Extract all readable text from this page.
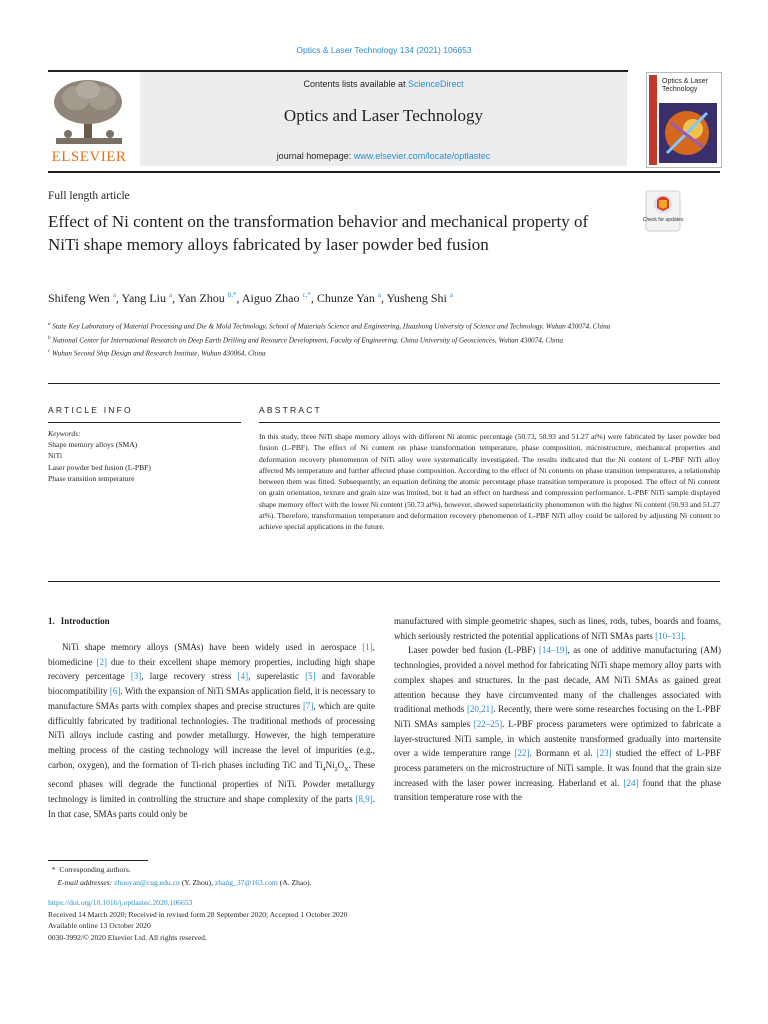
Optics & Laser Technology 134 (2021) 106653
ELSEVIER
Contents lists available at ScienceDirect
Optics and Laser Technology
journal homepage: www.elsevier.com/locate/optlastec
Optics & Laser Technology
Full length article
Effect of Ni content on the transformation behavior and mechanical property of NiTi shape memory alloys fabricated by laser powder bed fusion
Check for updates
Shifeng Wen $^a$, Yang Liu $^a$, Yan Zhou $^{b,*}$, Aiguo Zhao $^{c,*}$, Chunze Yan $^a$, Yusheng Shi $^a$

$^a$ State Key Laboratory of Material Processing and Die & Mold Technology, School of Materials Science and Engineering, Huazhong University of Science and Technology, Wuhan 430074, China

$^b$ National Center for International Research on Deep Earth Drilling and Resource Development, Faculty of Engineering, China University of Geosciences, Wuhan 430074, China

$^c$ Wuhan Second Ship Design and Research Institute, Wuhan 430064, China

ARTICLE INFO	ABSTRACT
Keywords:
Shape memory alloys (SMA)
NiTi
Laser powder bed fusion (L-PBF)
Phase transition temperature
In this study, three NiTi shape memory alloys with different Ni atomic percentage (50.73, 50.93 and 51.27 at%) were fabricated by laser powder bed fusion (L-PBF). The effect of Ni content on phase transformation temperature, phase composition, microstructure, mechanical properties and deformation recovery phenomenon of NiTi alloy were systematically investigated. The results indicated that the Ni content of L-PBF NiTi alloy affected Ms temperature and further affected phase composition. According to the effect of Ni contents on phase transition temperatures, a relationship between them was fitted. Subsequently, an equation defining the atomic percentage phase transition temperature is proposed. The effect of Ni content on grain orientation, texture and grain size was limited, but it had an effect on hardness and compression performance. L-PBF NiTi sample displayed shape memory effect with the lower Ni content (50.73 at%), however, showed superelasticity phenomenon with the higher Ni content (50.93 and 51.27 at%). Therefore, transformation temperature and deformation recovery phenomenon of L-PBF NiTi alloy could be tailored by adjusting Ni content to achieve special applications in the future.
1. Introduction

NiTi shape memory alloys (SMAs) have been widely used in aerospace [1], biomedicine [2] due to their excellent shape memory properties, including high shape recovery percentage [3], large recovery stress [4], superelastic [5] and favorable biocompatibility [6]. With the expansion of NiTi SMAs application field, it is necessary to manufacture SMAs parts with complex shapes and precise structures [7], which are quite difficultly fabricated by traditional technologies. The traditional methods of processing NiTi alloys include casting and powder metallurgy. However, the high temperature melting process of the casting technology will increase the level of impurities (e.g., carbon, oxygen), and the formation of Ti-rich phases including TiC and $Ti_4Ni_2O_X$. These second phases will degrade the functional properties of NiTi. Powder metallurgy technology is limited in controlling the structure and shape complexity of the parts [8,9]. In that case, SMAs parts could only be

manufactured with simple geometric shapes, such as lines, rods, tubes, boards and foams, which seriously restricted the potential applications of NiTi SMAs parts [10–13].

Laser powder bed fusion (L-PBF) [14–19], as one of additive manufacturing (AM) technologies, provided a novel method for fabricating NiTi shape memory alloy parts with complex shapes and structures. In the past decade, AM NiTi SMAs as gained great attention because they have circumvented many of the challenges associated with traditional methods [20,21]. Recently, there were some researches focusing on the L-PBF NiTi SMAs samples [22–25]. L-PBF process parameters were optimized to fabricate a layer-structured NiTi sample, in which austenite transformed gradually into martensite over a wide temperature range [22]. Bormann et al. [23] studied the effect of L-PBF process parameters on the microstructure of NiTi sample. It was found that the grain size increased with the laser power increasing. Haberland et al. [24] found that the phase transition temperature rose with the

* Corresponding authors.

E-mail addresses: zhouyan@cug.edu.cn (Y. Zhou), zhang_37@163.com (A. Zhao).

https://doi.org/10.1016/j.optlastec.2020.106653

Received 14 March 2020; Received in revised form 28 September 2020; Accepted 1 October 2020

Available online 13 October 2020

0030-3992/© 2020 Elsevier Ltd. All rights reserved.
